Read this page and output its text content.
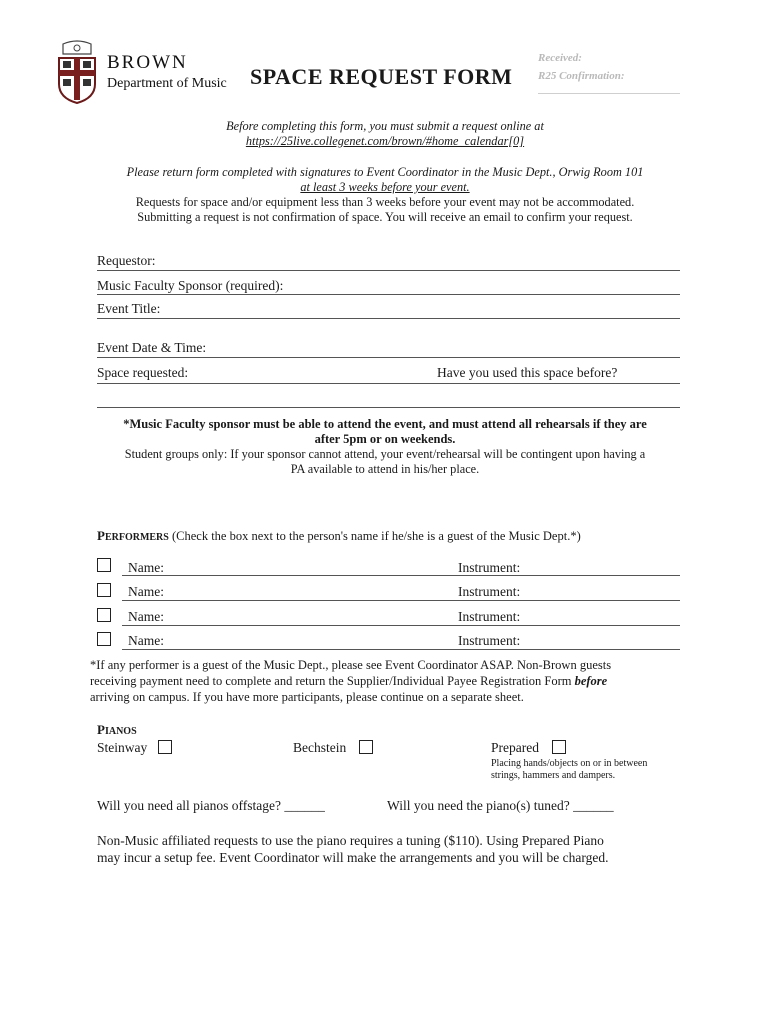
BROWN
Department of Music SPACE REQUEST FORM
Received:
R25 Confirmation:
Before completing this form, you must submit a request online at
https://25live.collegenet.com/brown/#home_calendar[0]
Please return form completed with signatures to Event Coordinator in the Music Dept., Orwig Room 101
at least 3 weeks before your event.
Requests for space and/or equipment less than 3 weeks before your event may not be accommodated.
Submitting a request is not confirmation of space. You will receive an email to confirm your request.
Requestor:
Music Faculty Sponsor (required):
Event Title:
Event Date & Time:
Space requested:	Have you used this space before?
*Music Faculty sponsor must be able to attend the event, and must attend all rehearsals if they are
after 5pm or on weekends.
Student groups only: If your sponsor cannot attend, your event/rehearsal will be contingent upon having a
PA available to attend in his/her place.
PERFORMERS (Check the box next to the person's name if he/she is a guest of the Music Dept.*)
Name:	Instrument:
Name:	Instrument:
Name:	Instrument:
Name:	Instrument:
*If any performer is a guest of the Music Dept., please see Event Coordinator ASAP. Non-Brown guests
receiving payment need to complete and return the Supplier/Individual Payee Registration Form before
arriving on campus. If you have more participants, please continue on a separate sheet.
PIANOS
Steinway	Bechstein	Prepared
Placing hands/objects on or in between
strings, hammers and dampers.
Will you need all pianos offstage? ______	Will you need the piano(s) tuned? ______
Non-Music affiliated requests to use the piano requires a tuning ($110). Using Prepared Piano
may incur a setup fee. Event Coordinator will make the arrangements and you will be charged.
